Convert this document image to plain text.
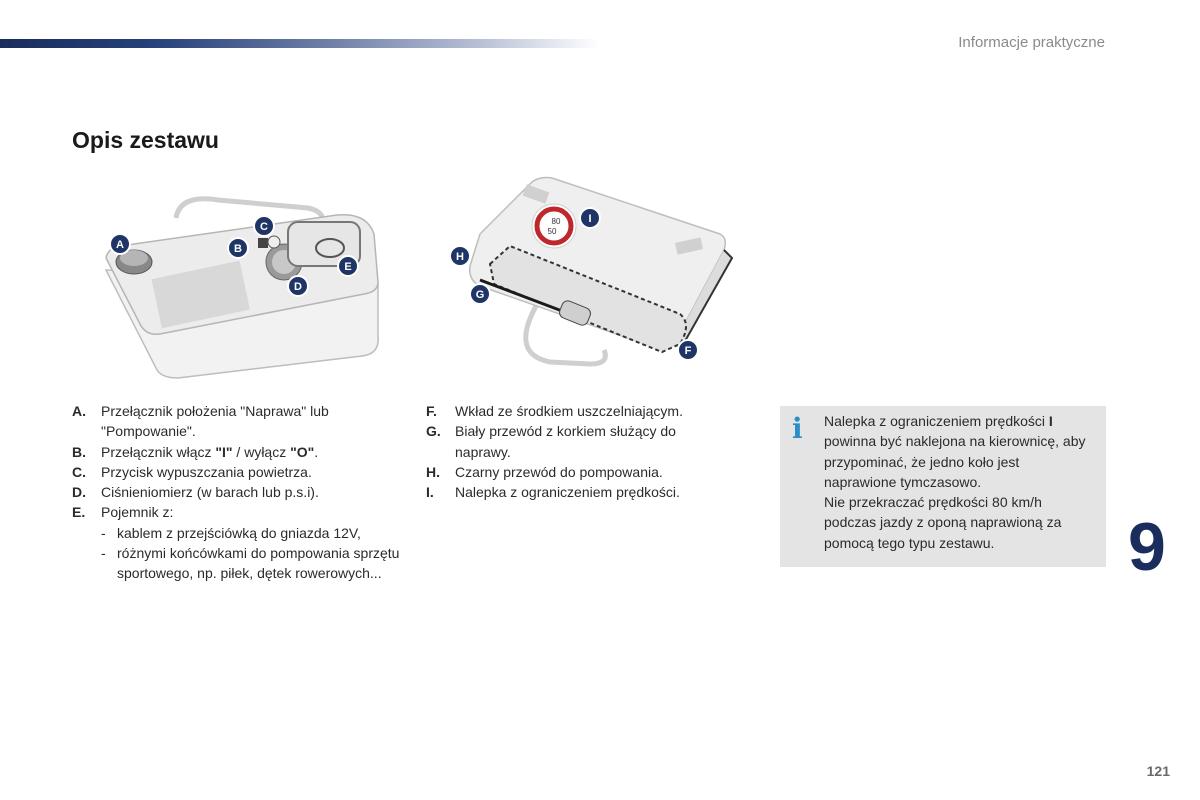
Informacje praktyczne
Opis zestawu
A	B
C
D
E
80
50
I
H
G
F
A. Przełącznik położenia "Naprawa" lub "Pompowanie".
B. Przełącznik włącz "I" / wyłącz "O".
C. Przycisk wypuszczania powietrza.
D. Ciśnieniomierz (w barach lub p.s.i).
E. Pojemnik z:
- kablem z przejściówką do gniazda 12V,
- różnymi końcówkami do pompowania sprzętu sportowego, np. piłek, dętek rowerowych...
F. Wkład ze środkiem uszczelniającym.
G. Biały przewód z korkiem służący do naprawy.
H. Czarny przewód do pompowania.
I. Nalepka z ograniczeniem prędkości.
i Nalepka z ograniczeniem prędkości I powinna być naklejona na kierownicę, aby przypominać, że jedno koło jest naprawione tymczasowo.
Nie przekraczać prędkości 80 km/h podczas jazdy z oponą naprawioną za pomocą tego typu zestawu.	9
121
